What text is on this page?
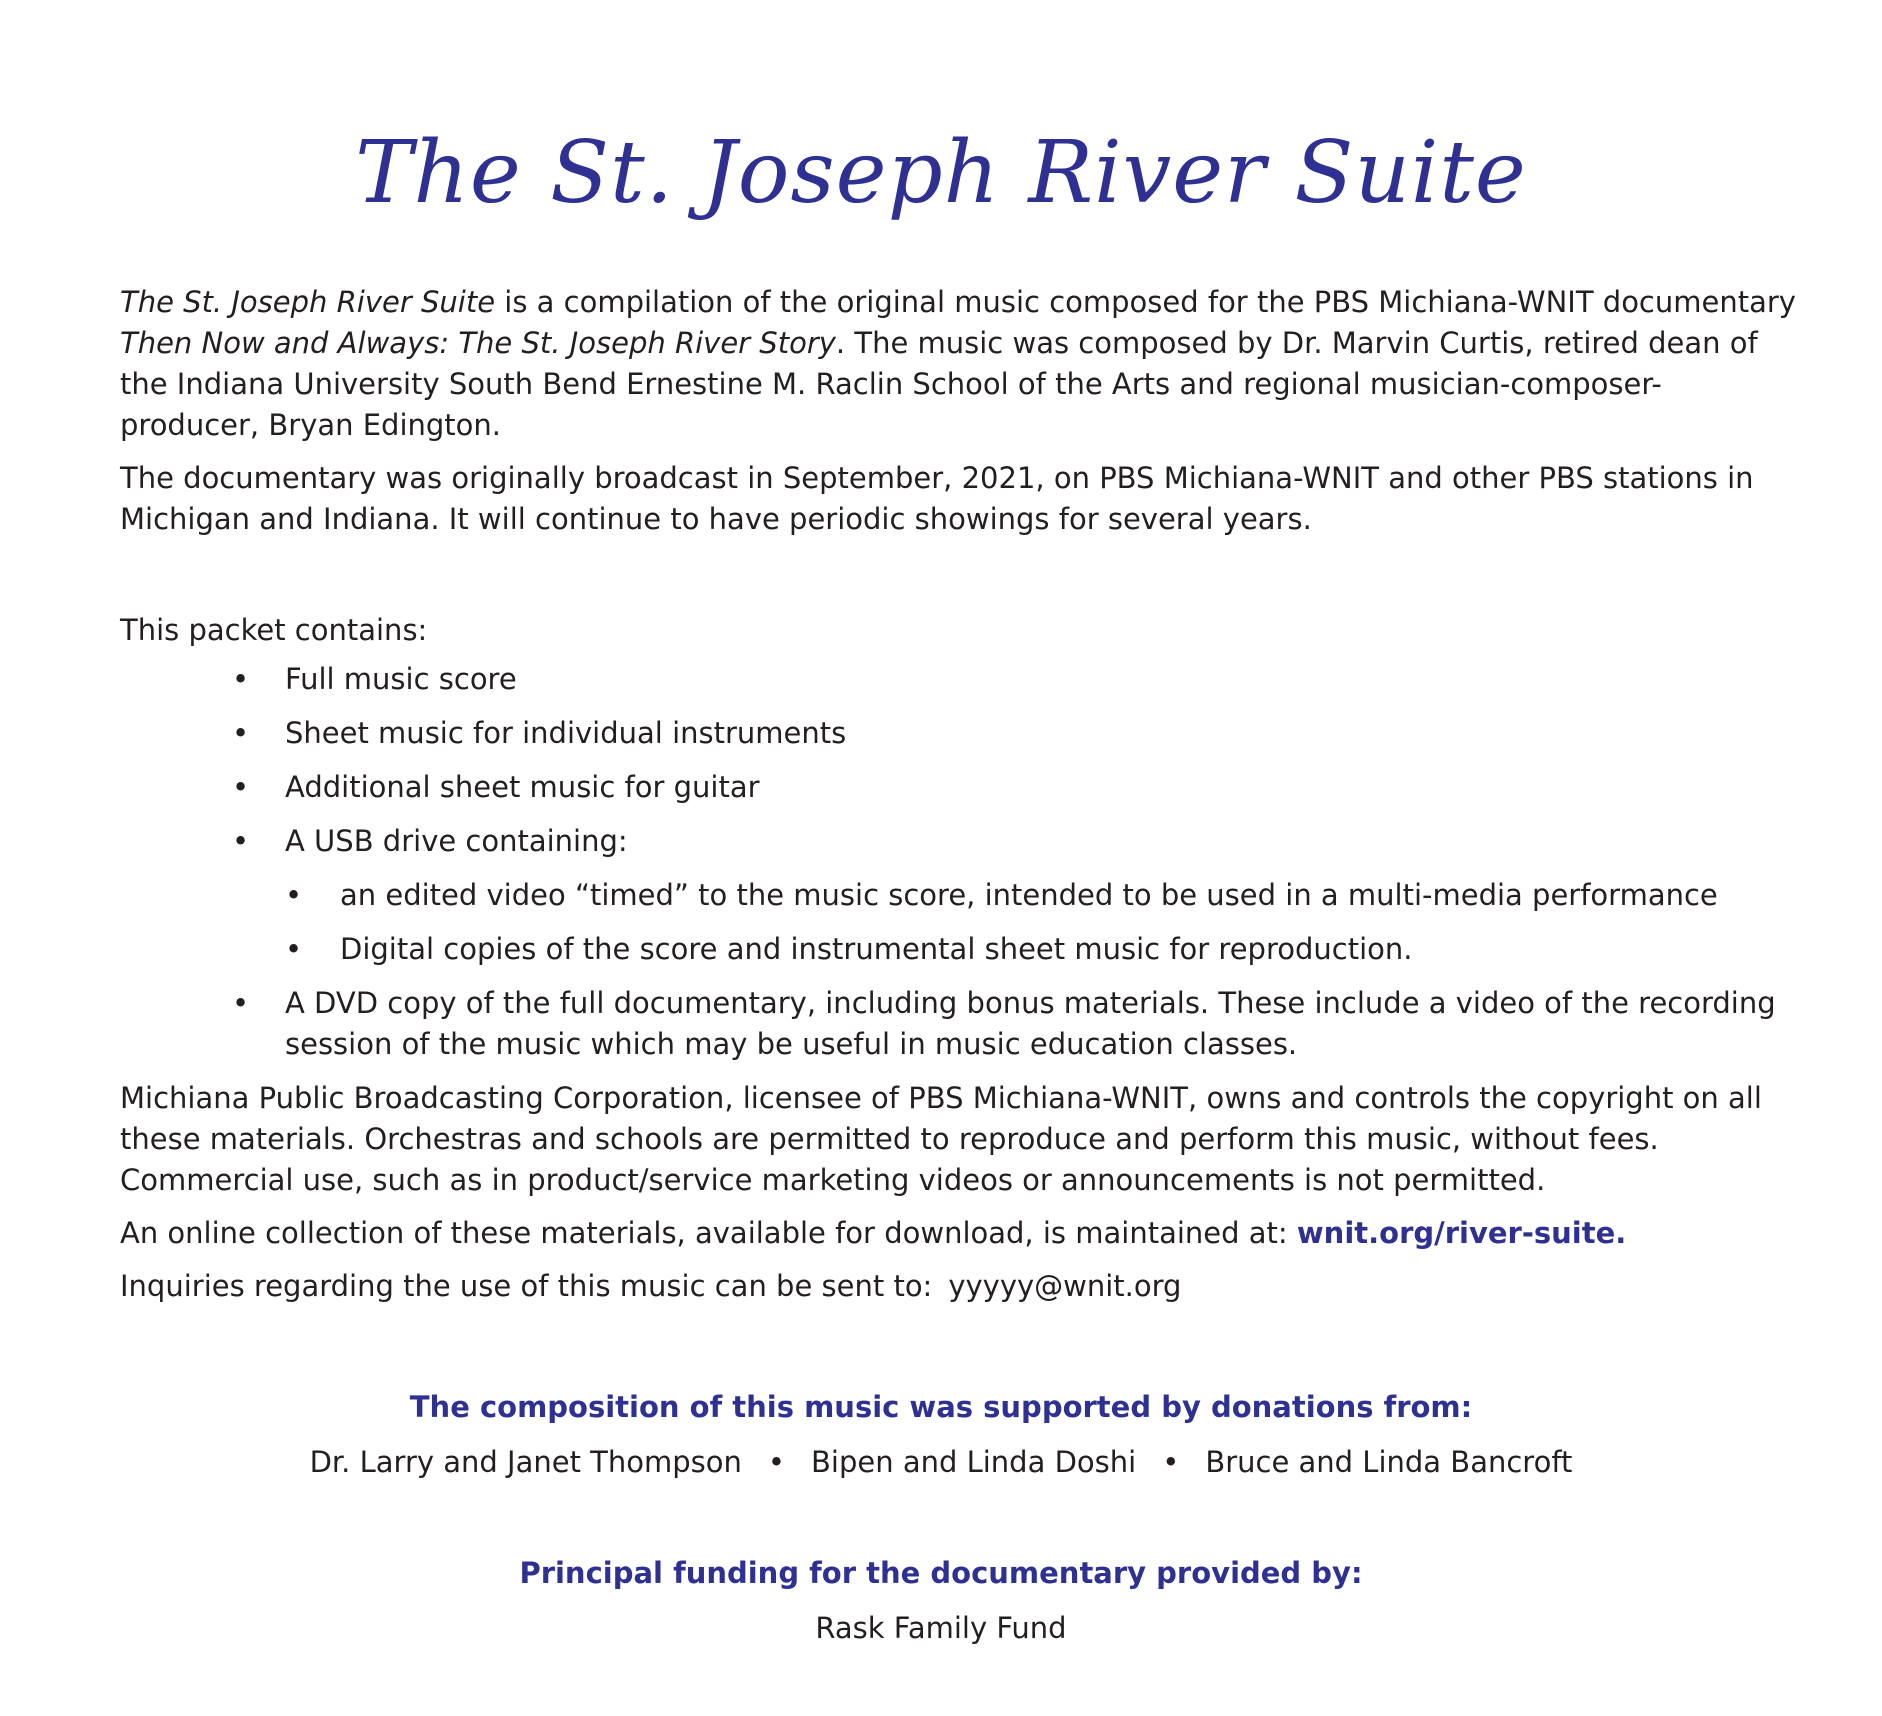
The St. Joseph River Suite

The St. Joseph River Suite is a compilation of the original music composed for the PBS Michiana-WNIT documentary Then Now and Always: The St. Joseph River Story. The music was composed by Dr. Marvin Curtis, retired dean of the Indiana University South Bend Ernestine M. Raclin School of the Arts and regional musician-composer-producer, Bryan Edington.

The documentary was originally broadcast in September, 2021, on PBS Michiana-WNIT and other PBS stations in Michigan and Indiana. It will continue to have periodic showings for several years.

This packet contains:

• Full music score
• Sheet music for individual instruments
• Additional sheet music for guitar
• A USB drive containing:
• an edited video “timed” to the music score, intended to be used in a multi-media performance
• Digital copies of the score and instrumental sheet music for reproduction.
• A DVD copy of the full documentary, including bonus materials. These include a video of the recording session of the music which may be useful in music education classes.

Michiana Public Broadcasting Corporation, licensee of PBS Michiana-WNIT, owns and controls the copyright on all these materials. Orchestras and schools are permitted to reproduce and perform this music, without fees. Commercial use, such as in product/service marketing videos or announcements is not permitted.

An online collection of these materials, available for download, is maintained at: wnit.org/river-suite.

Inquiries regarding the use of this music can be sent to: yyyyy@wnit.org

The composition of this music was supported by donations from:
Dr. Larry and Janet Thompson • Bipen and Linda Doshi • Bruce and Linda Bancroft
Principal funding for the documentary provided by:
Rask Family Fund
